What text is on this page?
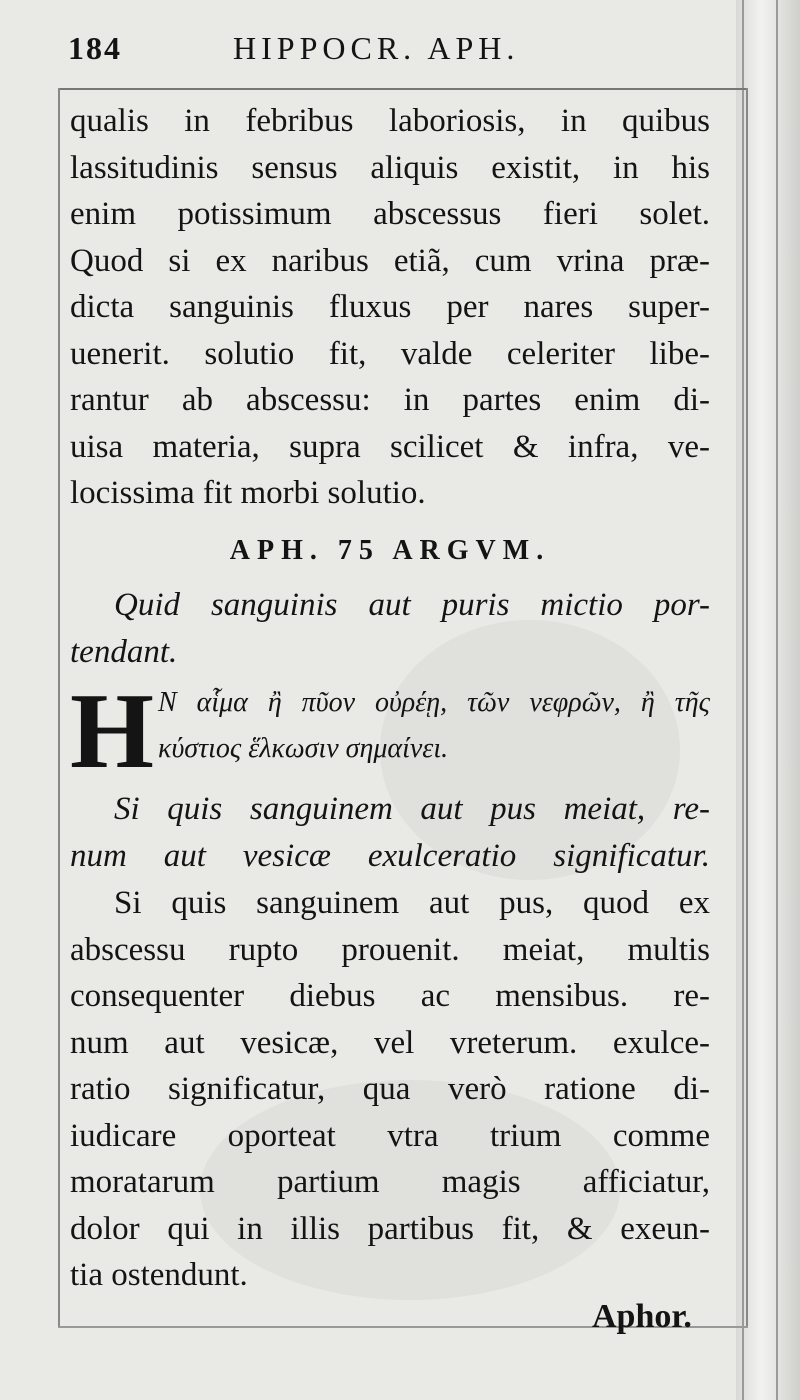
184	HIPPOCR. APH.
qualis in febribus laboriosis, in quibus
lassitudinis sensus aliquis existit, in his
enim potissimum abscessus fieri solet.
Quod si ex naribus etiã, cum vrina præ-
dicta sanguinis fluxus per nares super-
uenerit. solutio fit, valde celeriter libe-
rantur ab abscessu: in partes enim di-
uisa materia, supra scilicet & infra, ve-
locissima fit morbi solutio.
APH. 75 ARGVM.
Quid sanguinis aut puris mictio por-
tendant.
H N αἷμα ἢ πῦον οὐρέῃ, τῶν νεφρῶν, ἢ τῆς
κύστιος ἕλκωσιν σημαίνει.
Si quis sanguinem aut pus meiat, re-
num aut vesicæ exulceratio significatur.
Si quis sanguinem aut pus, quod ex
abscessu rupto prouenit. meiat, multis
consequenter diebus ac mensibus. re-
num aut vesicæ, vel vreterum. exulce-
ratio significatur, qua verò ratione di-
iudicare oporteat vtra trium comme
moratarum partium magis afficiatur,
dolor qui in illis partibus fit, & exeun-
tia ostendunt.
Aphor.
